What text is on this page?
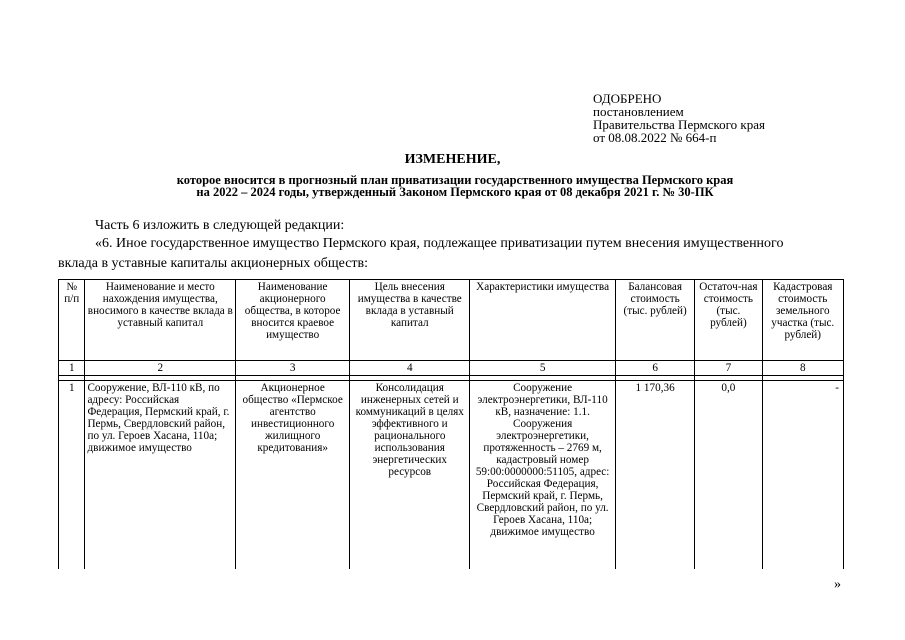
ОДОБРЕНО
постановлением
Правительства Пермского края
от 08.08.2022 № 664-п
ИЗМЕНЕНИЕ,
которое вносится в прогнозный план приватизации государственного имущества Пермского края
на 2022 – 2024 годы, утвержденный Законом Пермского края от 08 декабря 2021 г. № 30-ПК
Часть 6 изложить в следующей редакции:
«6. Иное государственное имущество Пермского края, подлежащее приватизации путем внесения имущественного
вклада в уставные капиталы акционерных обществ:
№ п/п	Наименование и место нахождения имущества, вносимого в качестве вклада в уставный капитал	Наименование акционерного общества, в которое вносится краевое имущество	Цель внесения имущества в качестве вклада в уставный капитал	Характеристики имущества	Балансовая стоимость (тыс. рублей)	Остаточ-ная стоимость (тыс. рублей)	Кадастровая стоимость земельного участка (тыс. рублей)
1	2	3	4	5	6	7	8

1	Сооружение, ВЛ-110 кВ, по адресу: Российская Федерация, Пермский край, г. Пермь, Свердловский район, по ул. Героев Хасана, 110а; движимое имущество	Акционерное общество «Пермское агентство инвестиционного жилищного кредитования»	Консолидация инженерных сетей и коммуникаций в целях эффективного и рационального использования энергетических ресурсов	Сооружение электроэнергетики, ВЛ-110 кВ, назначение: 1.1. Сооружения электроэнергетики, протяженность – 2769 м, кадастровый номер 59:00:0000000:51105, адрес: Российская Федерация, Пермский край, г. Пермь, Свердловский район, по ул. Героев Хасана, 110а; движимое имущество	1 170,36	0,0	-
»
